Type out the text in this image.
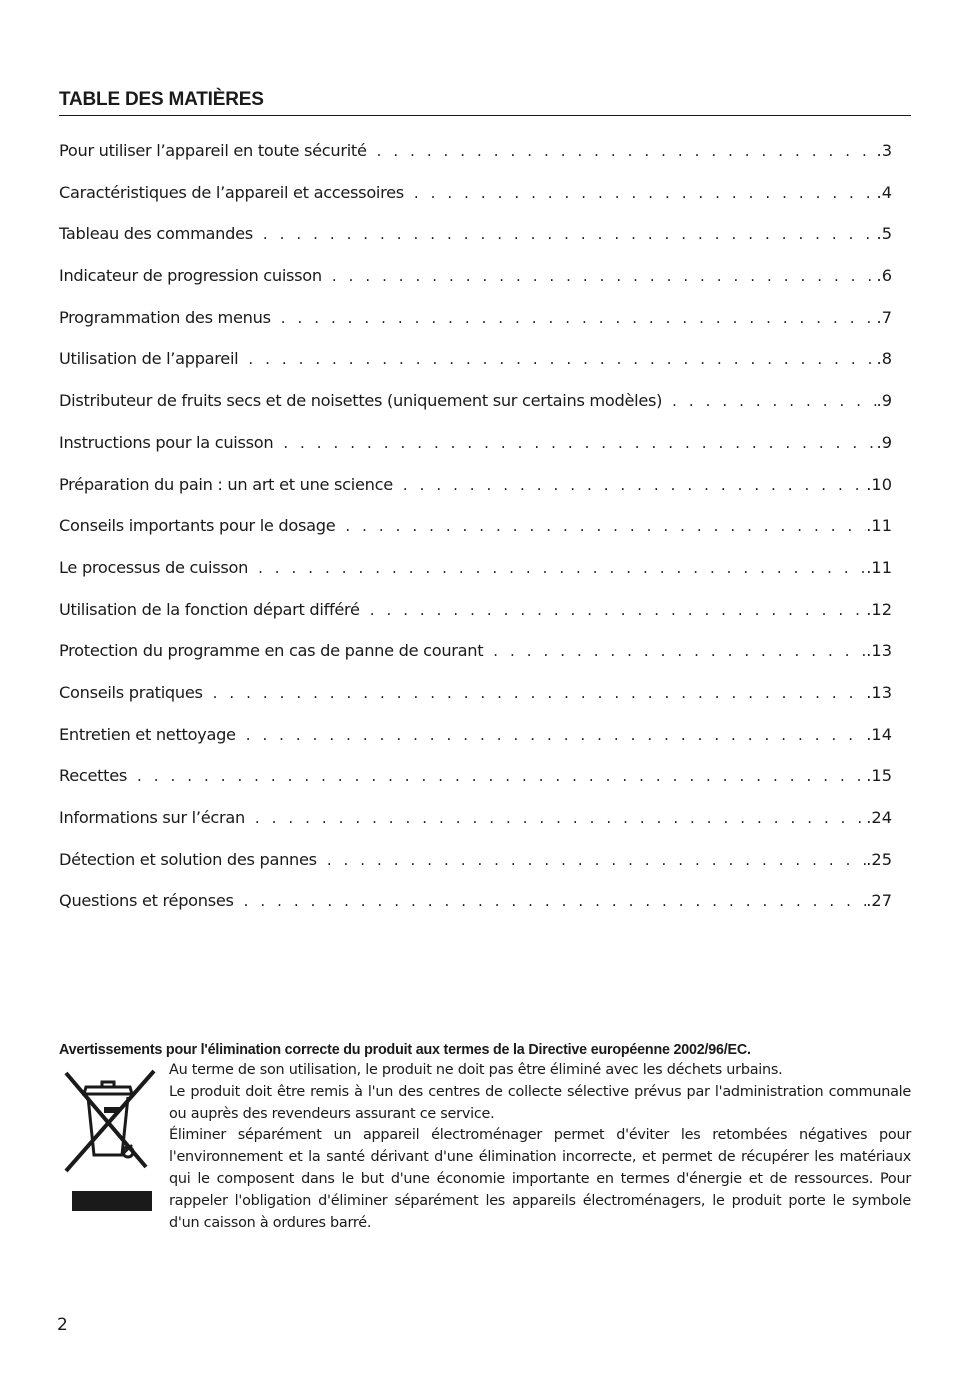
TABLE DES MATIÈRES
Pour utiliser l’appareil en toute sécurité . . .	.3
Caractéristiques de l’appareil et accessoires . . .	.4
Tableau des commandes . . .	.5
Indicateur de progression cuisson . . .	.6
Programmation des menus . . .	.7
Utilisation de l’appareil . . .	.8
Distributeur de fruits secs et de noisettes (uniquement sur certains modèles) . . .	.9
Instructions pour la cuisson . . .	.9
Préparation du pain : un art et une science . . .	.10
Conseils importants pour le dosage . . .	.11
Le processus de cuisson . . .	.11
Utilisation de la fonction départ différé . . .	.12
Protection du programme en cas de panne de courant . . .	.13
Conseils pratiques . . .	.13
Entretien et nettoyage . . .	.14
Recettes . . .	.15
Informations sur l’écran . . .	.24
Détection et solution des pannes . . .	.25
Questions et réponses . . .	.27
Avertissements pour l'élimination correcte du produit aux termes de la Directive européenne 2002/96/EC.

Au terme de son utilisation, le produit ne doit pas être éliminé avec les déchets urbains.

Le produit doit être remis à l'un des centres de collecte sélective prévus par l'administration communale ou auprès des revendeurs assurant ce service.

Éliminer séparément un appareil électroménager permet d'éviter les retombées négatives pour l'environnement et la santé dérivant d'une élimination incorrecte, et permet de récupérer les matériaux qui le composent dans le but d'une économie importante en termes d'énergie et de ressources. Pour rappeler l'obligation d'éliminer séparément les appareils électroménagers, le produit porte le symbole d'un caisson à ordures barré.

2
